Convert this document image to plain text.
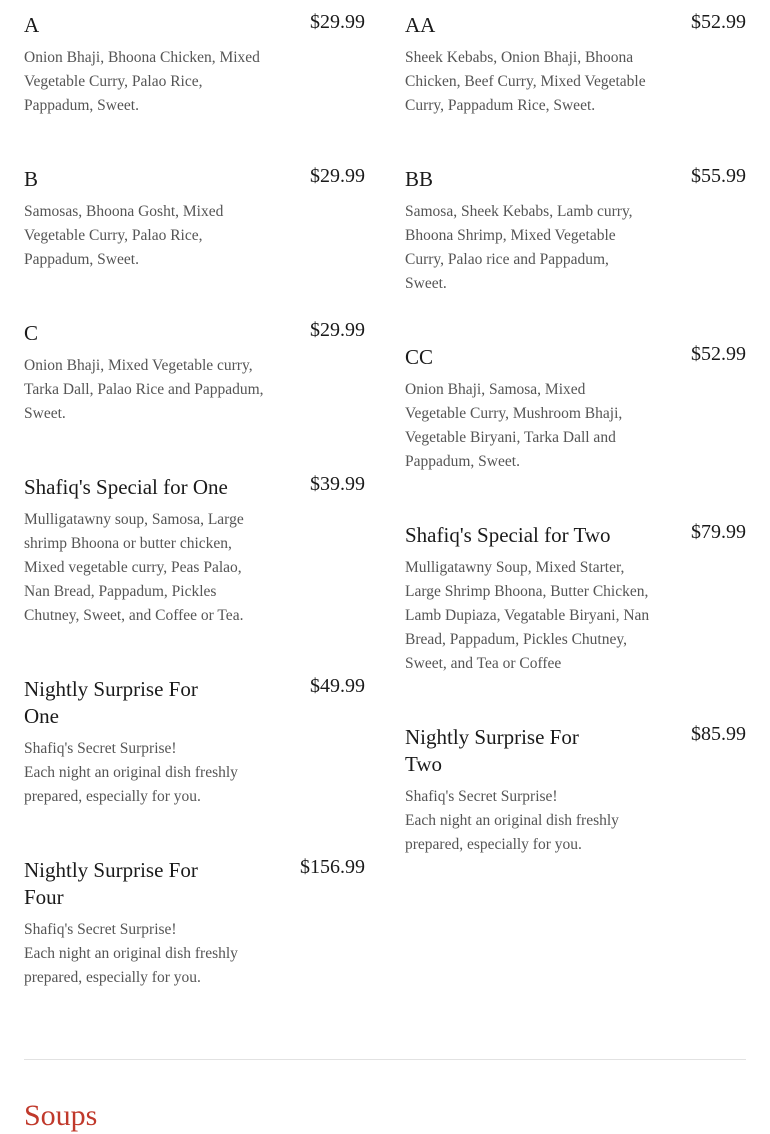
A	$29.99
Onion Bhaji, Bhoona Chicken, Mixed Vegetable Curry, Palao Rice, Pappadum, Sweet.
B	$29.99
Samosas, Bhoona Gosht, Mixed Vegetable Curry, Palao Rice, Pappadum, Sweet.
C	$29.99
Onion Bhaji, Mixed Vegetable curry, Tarka Dall, Palao Rice and Pappadum, Sweet.
Shafiq's Special for One	$39.99
Mulligatawny soup, Samosa, Large shrimp Bhoona or butter chicken, Mixed vegetable curry, Peas Palao, Nan Bread, Pappadum, Pickles Chutney, Sweet, and Coffee or Tea.
Nightly Surprise For One
$49.99
Shafiq's Secret Surprise!
Each night an original dish freshly prepared, especially for you.
Nightly Surprise For Four
$156.99
Shafiq's Secret Surprise!
Each night an original dish freshly prepared, especially for you.
AA	$52.99
Sheek Kebabs, Onion Bhaji, Bhoona Chicken, Beef Curry, Mixed Vegetable Curry, Pappadum Rice, Sweet.
BB	$55.99
Samosa, Sheek Kebabs, Lamb curry, Bhoona Shrimp, Mixed Vegetable Curry, Palao rice and Pappadum, Sweet.
CC	$52.99
Onion Bhaji, Samosa, Mixed Vegetable Curry, Mushroom Bhaji, Vegetable Biryani, Tarka Dall and Pappadum, Sweet.
Shafiq's Special for Two	$79.99
Mulligatawny Soup, Mixed Starter, Large Shrimp Bhoona, Butter Chicken, Lamb Dupiaza, Vegatable Biryani, Nan Bread, Pappadum, Pickles Chutney, Sweet, and Tea or Coffee
Nightly Surprise For Two
$85.99
Shafiq's Secret Surprise!
Each night an original dish freshly prepared, especially for you.
Soups
